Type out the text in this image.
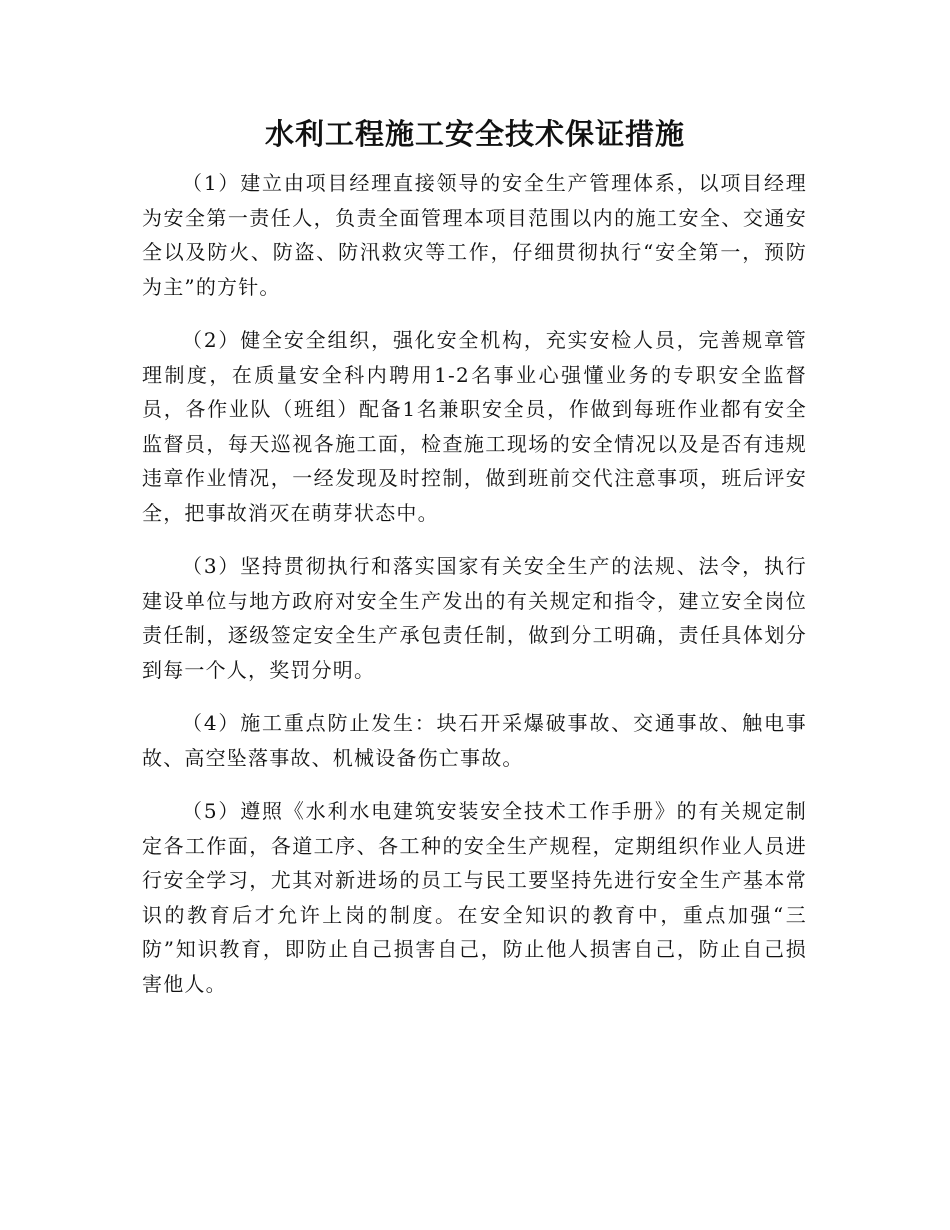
水利工程施工安全技术保证措施

（1）建立由项目经理直接领导的安全生产管理体系，以项目经理为安全第一责任人，负责全面管理本项目范围以内的施工安全、交通安全以及防火、防盗、防汛救灾等工作，仔细贯彻执行“安全第一，预防为主”的方针。

（2）健全安全组织，强化安全机构，充实安检人员，完善规章管理制度，在质量安全科内聘用1-2名事业心强懂业务的专职安全监督员，各作业队（班组）配备1名兼职安全员，作做到每班作业都有安全监督员，每天巡视各施工面，检查施工现场的安全情况以及是否有违规违章作业情况，一经发现及时控制，做到班前交代注意事项，班后评安全，把事故消灭在萌芽状态中。

（3）坚持贯彻执行和落实国家有关安全生产的法规、法令，执行建设单位与地方政府对安全生产发出的有关规定和指令，建立安全岗位责任制，逐级签定安全生产承包责任制，做到分工明确，责任具体划分到每一个人，奖罚分明。

（4）施工重点防止发生：块石开采爆破事故、交通事故、触电事故、高空坠落事故、机械设备伤亡事故。

（5）遵照《水利水电建筑安装安全技术工作手册》的有关规定制定各工作面，各道工序、各工种的安全生产规程，定期组织作业人员进行安全学习，尤其对新进场的员工与民工要坚持先进行安全生产基本常识的教育后才允许上岗的制度。在安全知识的教育中，重点加强“三防”知识教育，即防止自己损害自己，防止他人损害自己，防止自己损害他人。
